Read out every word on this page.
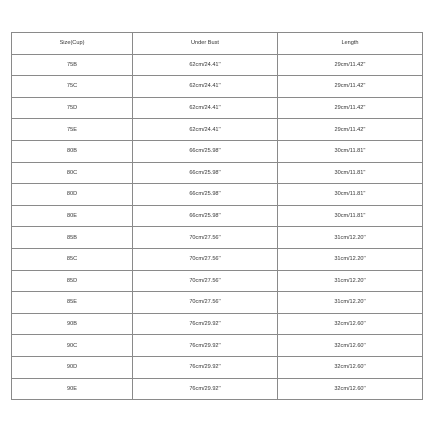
Size(Cup)	Under Bust	Length
75B	62cm/24.41''	29cm/11.42''
75C	62cm/24.41''	29cm/11.42''
75D	62cm/24.41''	29cm/11.42''
75E	62cm/24.41''	29cm/11.42''
80B	66cm/25.98''	30cm/11.81''
80C	66cm/25.98''	30cm/11.81''
80D	66cm/25.98''	30cm/11.81''
80E	66cm/25.98''	30cm/11.81''
85B	70cm/27.56''	31cm/12.20''
85C	70cm/27.56''	31cm/12.20''
85D	70cm/27.56''	31cm/12.20''
85E	70cm/27.56''	31cm/12.20''
90B	76cm/29.92''	32cm/12.60''
90C	76cm/29.92''	32cm/12.60''
90D	76cm/29.92''	32cm/12.60''
90E	76cm/29.92''	32cm/12.60''
